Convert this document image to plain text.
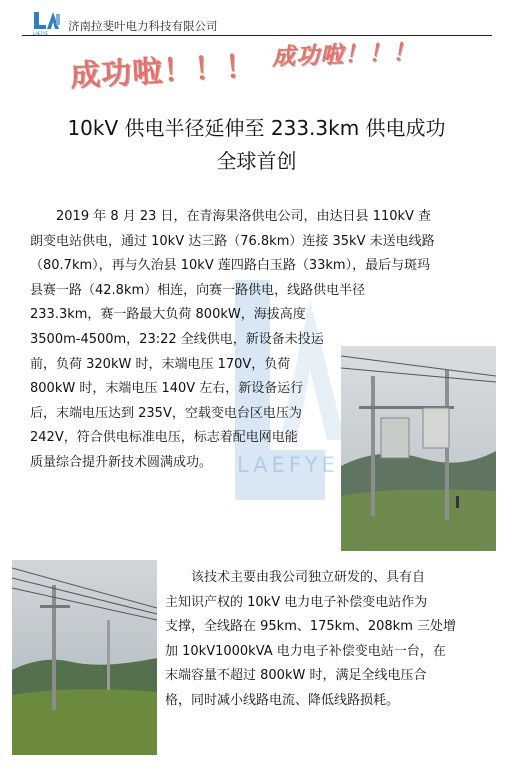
LAEFYE
济南拉斐叶电力科技有限公司
成功啦！！！ 成功啦！！！
10kV 供电半径延伸至 233.3km 供电成功
全球首创
LAEFYE
2019 年 8 月 23 日，在青海果洛供电公司，由达日县 110kV 查
朗变电站供电，通过 10kV 达三路（76.8km）连接 35kV 未送电线路
（80.7km），再与久治县 10kV 莲四路白玉路（33km），最后与斑玛
县赛一路（42.8km）相连，向赛一路供电，线路供电半径
233.3km，赛一路最大负荷 800kW，海拔高度
3500m-4500m，23:22 全线供电，新设备未投运
前，负荷 320kW 时，末端电压 170V，负荷
800kW 时，末端电压 140V 左右，新设备运行
后，末端电压达到 235V，空载变电台区电压为
242V，符合供电标准电压，标志着配电网电能
质量综合提升新技术圆满成功。
该技术主要由我公司独立研发的、具有自
主知识产权的 10kV 电力电子补偿变电站作为
支撑，全线路在 95km、175km、208km 三处增
加 10kV1000kVA 电力电子补偿变电站一台，在
末端容量不超过 800kW 时，满足全线电压合
格，同时减小线路电流、降低线路损耗。
